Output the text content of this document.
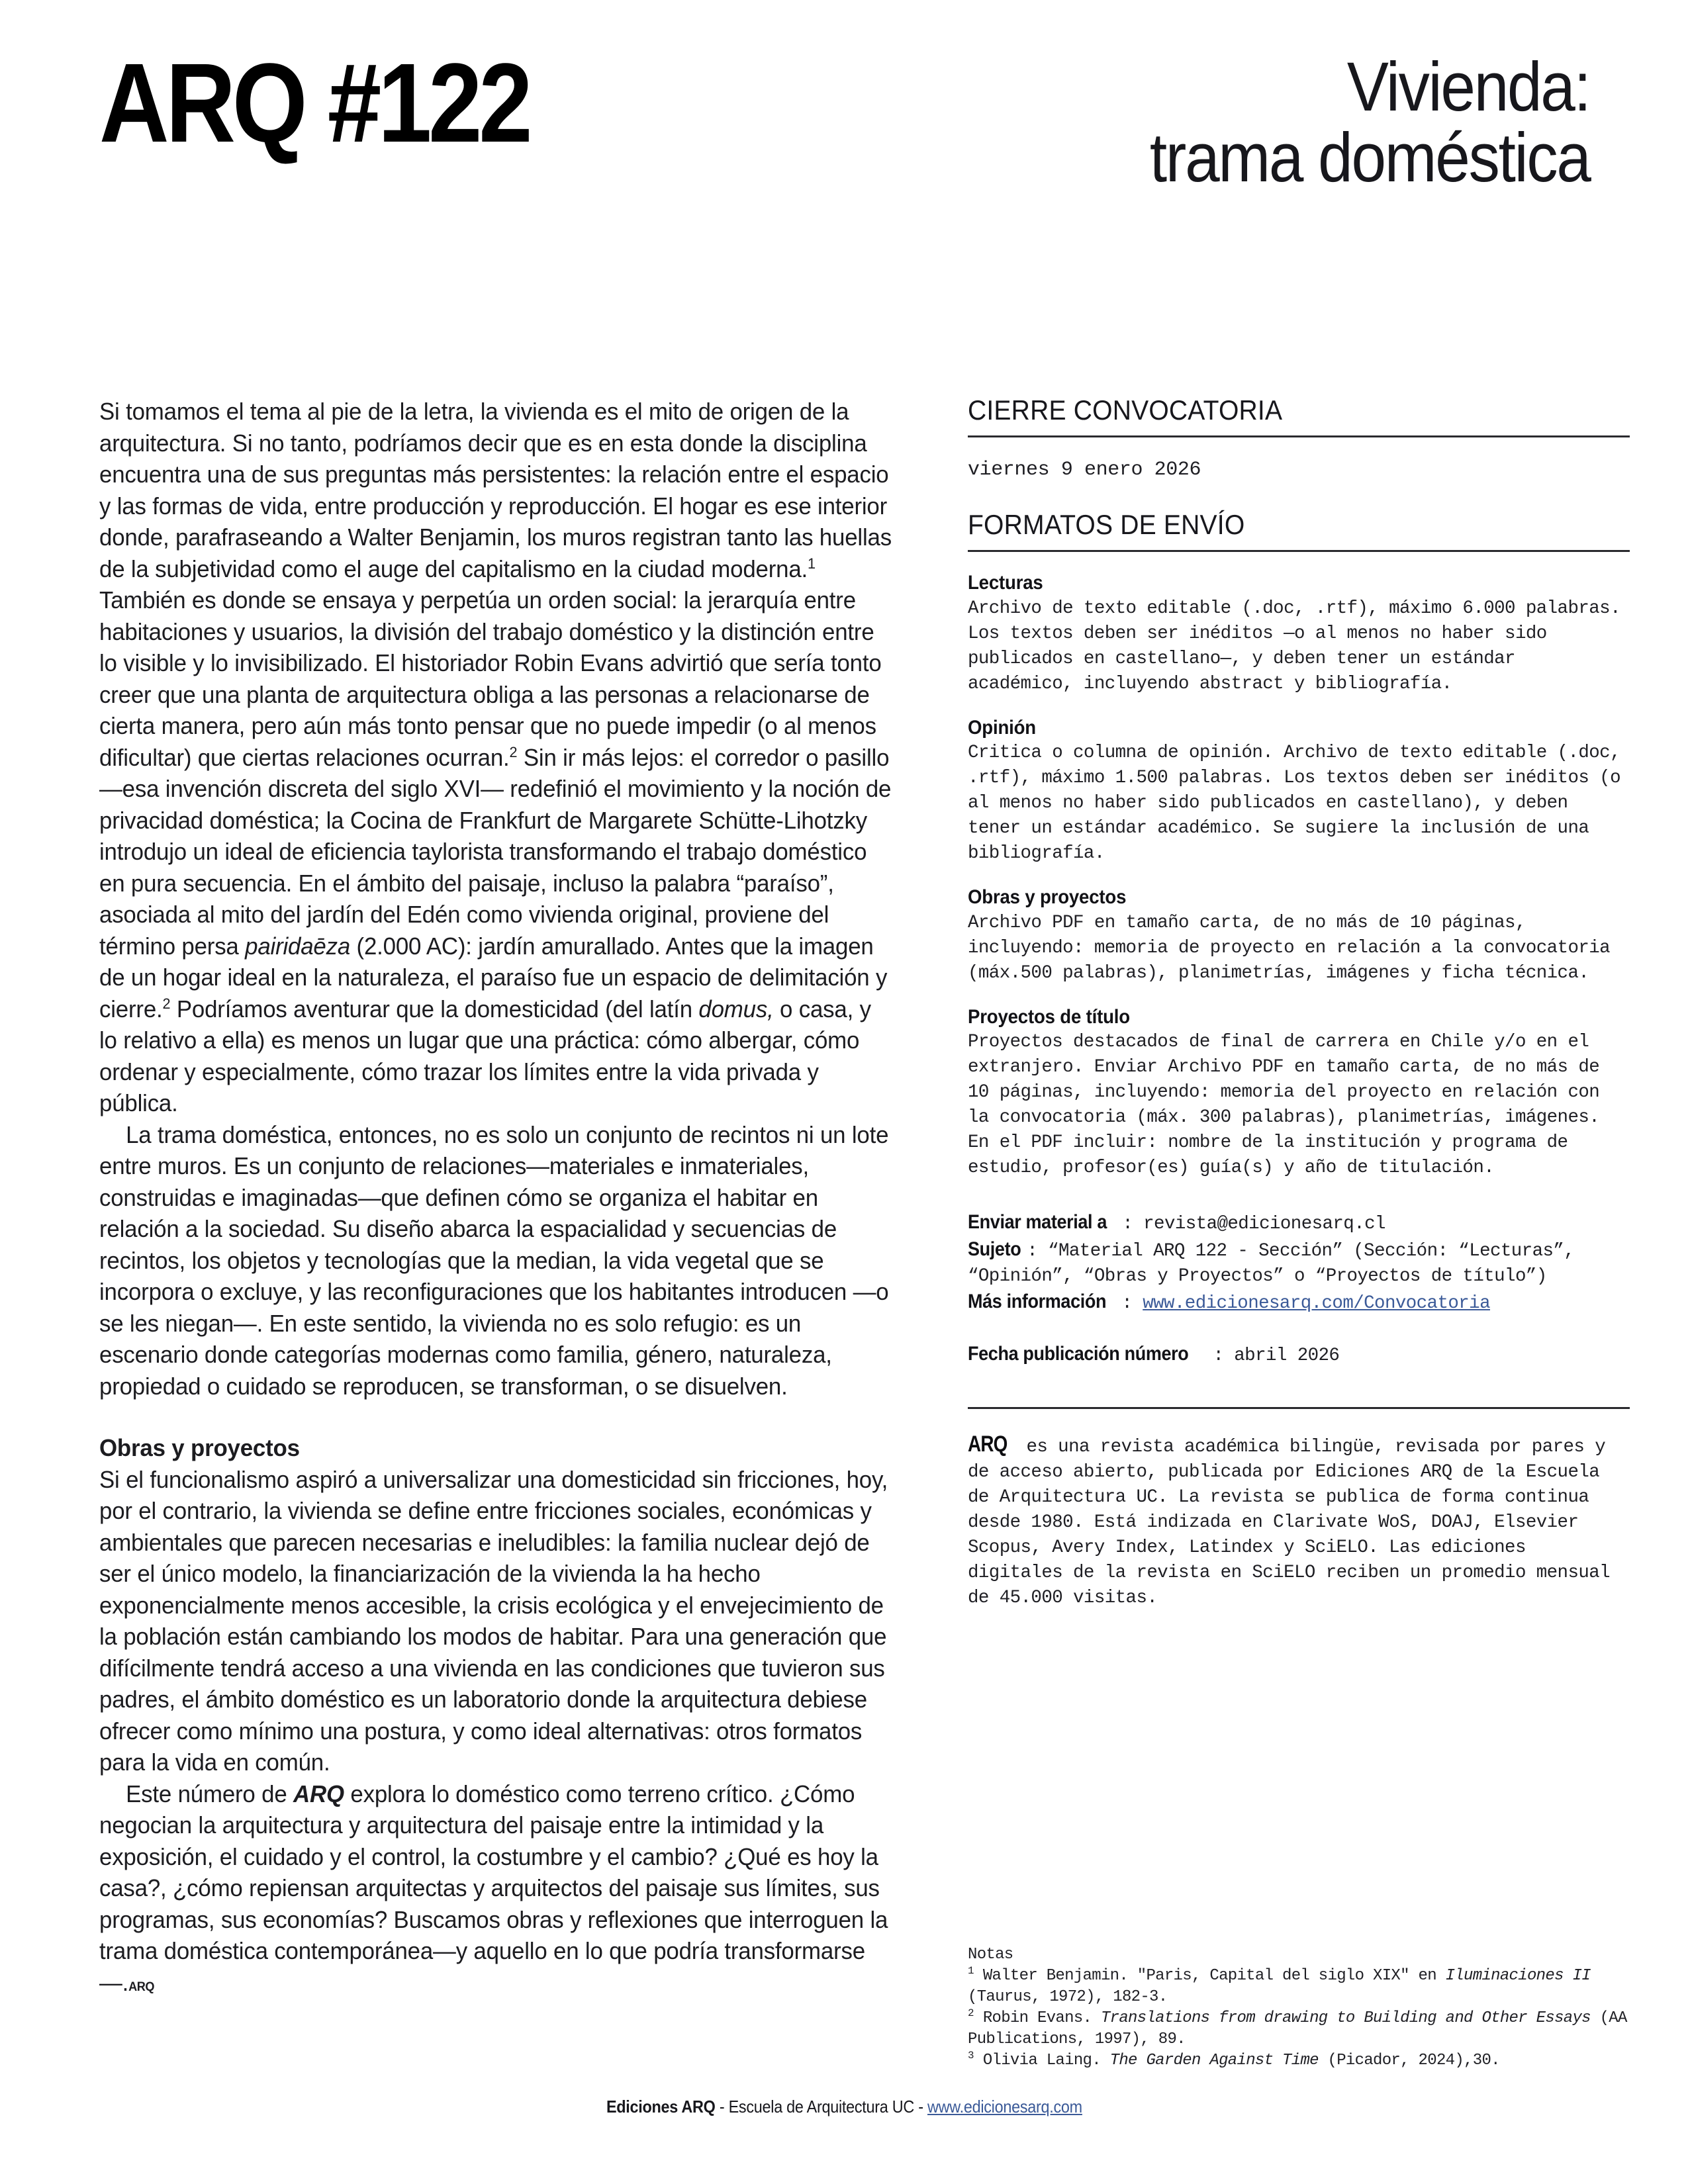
ARQ #122	Vivienda:
trama doméstica

Si tomamos el tema al pie de la letra, la vivienda es el mito de origen de la arquitectura. Si no tanto, podríamos decir que es en esta donde la disciplina encuentra una de sus preguntas más persistentes: la relación entre el espacio y las formas de vida, entre producción y reproducción. El hogar es ese interior donde, parafraseando a Walter Benjamin, los muros registran tanto las huellas de la subjetividad como el auge del capitalismo en la ciudad moderna.$^1$ También es donde se ensaya y perpetúa un orden social: la jerarquía entre habitaciones y usuarios, la división del trabajo doméstico y la distinción entre lo visible y lo invisibilizado. El historiador Robin Evans advirtió que sería tonto creer que una planta de arquitectura obliga a las personas a relacionarse de cierta manera, pero aún más tonto pensar que no puede impedir (o al menos dificultar) que ciertas relaciones ocurran.$^2$ Sin ir más lejos: el corredor o pasillo —esa invención discreta del siglo XVI— redefinió el movimiento y la noción de privacidad doméstica; la Cocina de Frankfurt de Margarete Schütte-Lihotzky introdujo un ideal de eficiencia taylorista transformando el trabajo doméstico en pura secuencia. En el ámbito del paisaje, incluso la palabra “paraíso”, asociada al mito del jardín del Edén como vivienda original, proviene del término persa pairidaēza (2.000 AC): jardín amurallado. Antes que la imagen de un hogar ideal en la naturaleza, el paraíso fue un espacio de delimitación y cierre.$^2$ Podríamos aventurar que la domesticidad (del latín domus, o casa, y lo relativo a ella) es menos un lugar que una práctica: cómo albergar, cómo ordenar y especialmente, cómo trazar los límites entre la vida privada y pública.

La trama doméstica, entonces, no es solo un conjunto de recintos ni un lote entre muros. Es un conjunto de relaciones—materiales e inmateriales, construidas e imaginadas—que definen cómo se organiza el habitar en relación a la sociedad. Su diseño abarca la espacialidad y secuencias de recintos, los objetos y tecnologías que la median, la vida vegetal que se incorpora o excluye, y las reconfiguraciones que los habitantes introducen —o se les niegan—. En este sentido, la vivienda no es solo refugio: es un escenario donde categorías modernas como familia, género, naturaleza, propiedad o cuidado se reproducen, se transforman, o se disuelven.

Obras y proyectos

Si el funcionalismo aspiró a universalizar una domesticidad sin fricciones, hoy, por el contrario, la vivienda se define entre fricciones sociales, económicas y ambientales que parecen necesarias e ineludibles: la familia nuclear dejó de ser el único modelo, la financiarización de la vivienda la ha hecho exponencialmente menos accesible, la crisis ecológica y el envejecimiento de la población están cambiando los modos de habitar. Para una generación que difícilmente tendrá acceso a una vivienda en las condiciones que tuvieron sus padres, el ámbito doméstico es un laboratorio donde la arquitectura debiese ofrecer como mínimo una postura, y como ideal alternativas: otros formatos para la vida en común.

Este número de ARQ explora lo doméstico como terreno crítico. ¿Cómo negocian la arquitectura y arquitectura del paisaje entre la intimidad y la exposición, el cuidado y el control, la costumbre y el cambio? ¿Qué es hoy la casa?, ¿cómo repiensan arquitectas y arquitectos del paisaje sus límites, sus programas, sus economías? Buscamos obras y reflexiones que interroguen la trama doméstica contemporánea—y aquello en lo que podría transformarse—.ARQ

CIERRE CONVOCATORIA
viernes 9 enero 2026
FORMATOS DE ENVÍO
Lecturas
Archivo de texto editable (.doc, .rtf), máximo 6.000 palabras. Los textos deben ser inéditos —o al menos no haber sido publicados en castellano—, y deben tener un estándar académico, incluyendo abstract y bibliografía.
Opinión
Critica o columna de opinión. Archivo de texto editable (.doc, .rtf), máximo 1.500 palabras. Los textos deben ser inéditos (o al menos no haber sido publicados en castellano), y deben tener un estándar académico. Se sugiere la inclusión de una bibliografía.
Obras y proyectos
Archivo PDF en tamaño carta, de no más de 10 páginas, incluyendo: memoria de proyecto en relación a la convocatoria (máx.500 palabras), planimetrías, imágenes y ficha técnica.
Proyectos de título
Proyectos destacados de final de carrera en Chile y/o en el extranjero. Enviar Archivo PDF en tamaño carta, de no más de 10 páginas, incluyendo: memoria del proyecto en relación con la convocatoria (máx. 300 palabras), planimetrías, imágenes. En el PDF incluir: nombre de la institución y programa de estudio, profesor(es) guía(s) y año de titulación.
Enviar material a : revista@edicionesarq.cl
Sujeto : “Material ARQ 122 - Sección” (Sección: “Lecturas”, “Opinión”, “Obras y Proyectos” o “Proyectos de título”)
Más información : www.edicionesarq.com/Convocatoria
Fecha publicación número : abril 2026
ARQ es una revista académica bilingüe, revisada por pares y de acceso abierto, publicada por Ediciones ARQ de la Escuela de Arquitectura UC. La revista se publica de forma continua desde 1980. Está indizada en Clarivate WoS, DOAJ, Elsevier Scopus, Avery Index, Latindex y SciELO. Las ediciones digitales de la revista en SciELO reciben un promedio mensual de 45.000 visitas.
Notas
$^1$ Walter Benjamin. "Paris, Capital del siglo XIX" en Iluminaciones II (Taurus, 1972), 182-3.
$^2$ Robin Evans. Translations from drawing to Building and Other Essays (AA Publications, 1997), 89.
$^3$ Olivia Laing. The Garden Against Time (Picador, 2024),30.
Ediciones ARQ - Escuela de Arquitectura UC - www.edicionesarq.com
